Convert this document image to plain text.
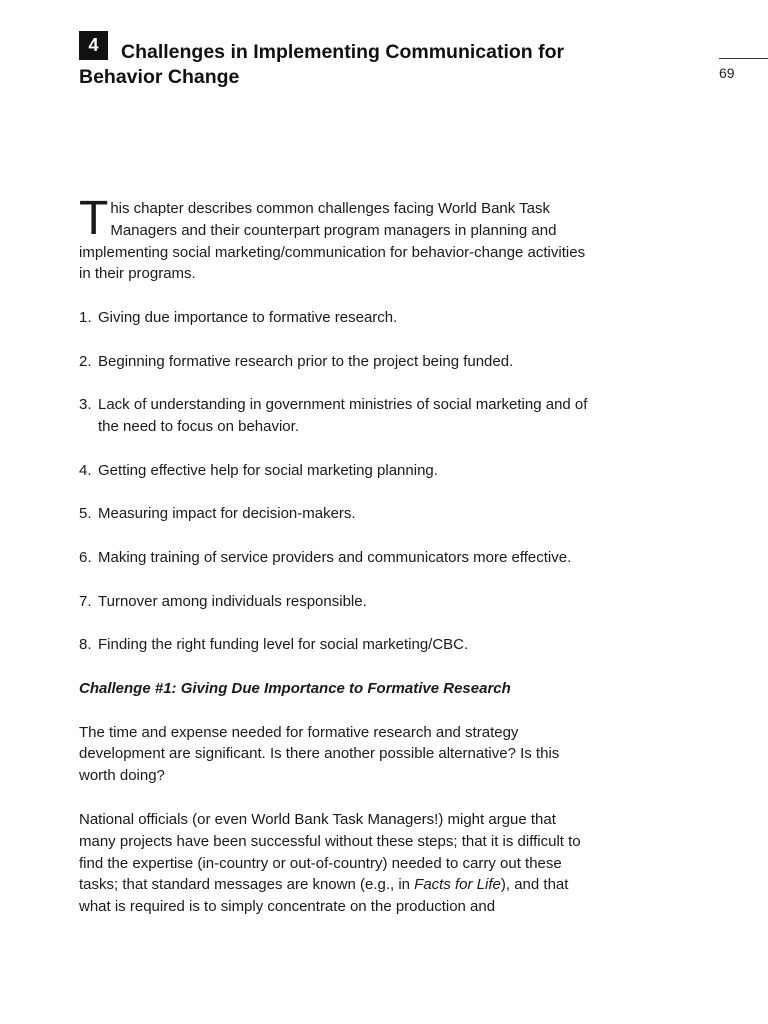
4	Challenges in Implementing Communication for Behavior Change	69

This chapter describes common challenges facing World Bank Task Managers and their counterpart program managers in planning and implementing social marketing/communication for behavior-change activities in their programs.

1. Giving due importance to formative research.
2. Beginning formative research prior to the project being funded.
3. Lack of understanding in government ministries of social marketing and of the need to focus on behavior.
4. Getting effective help for social marketing planning.
5. Measuring impact for decision-makers.
6. Making training of service providers and communicators more effective.
7. Turnover among individuals responsible.
8. Finding the right funding level for social marketing/CBC.

Challenge #1: Giving Due Importance to Formative Research

The time and expense needed for formative research and strategy development are significant. Is there another possible alternative? Is this worth doing?

National officials (or even World Bank Task Managers!) might argue that many projects have been successful without these steps; that it is difficult to find the expertise (in-country or out-of-country) needed to carry out these tasks; that standard messages are known (e.g., in Facts for Life), and that what is required is to simply concentrate on the production and
